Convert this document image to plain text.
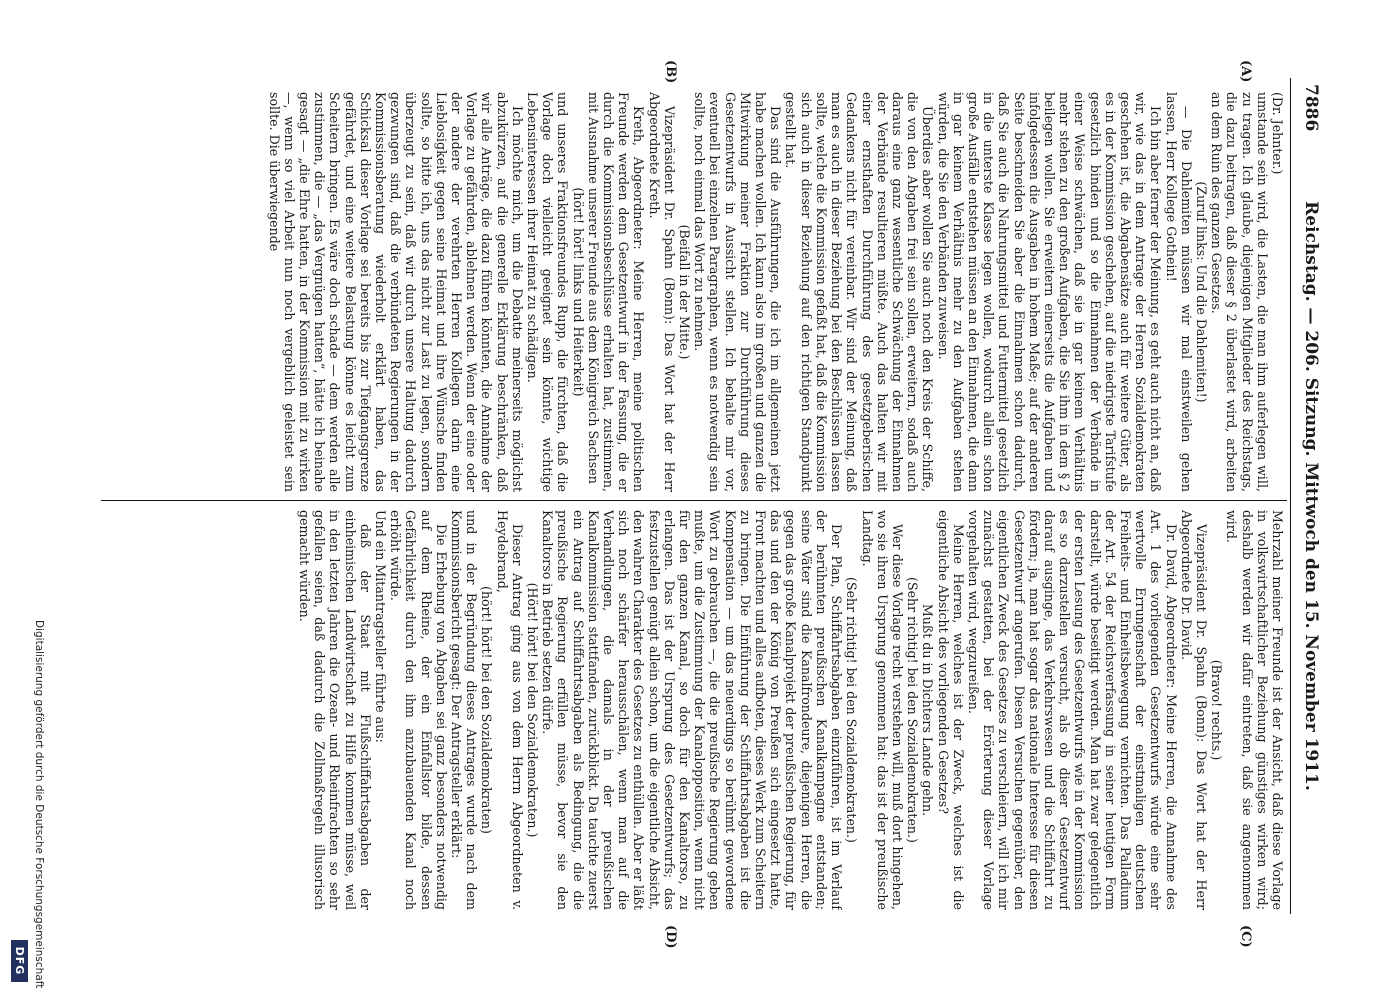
7886
Reichstag. — 206. Sitzung. Mittwoch den 15. November 1911.
(A)
(B)
(C)
(D)

(Dr. Jehnter.)

umstande sein wird, die Lasten, die man ihm auferlegen will, zu tragen. Ich glaube, diejenigen Mitglieder des Reichstags, die dazu beitragen, daß dieser § 2 überlastet wird, arbeiten an dem Ruin des ganzen Gesetzes.

(Zuruf links: Und die Dahlemiten!)

— Die Dahlemiten müssen wir mal einstweilen gehen lassen, Herr Kollege Gothein!

Ich bin aber ferner der Meinung, es geht auch nicht an, daß wir, wie das in dem Antrage der Herren Sozialdemokraten geschehen ist, die Abgabensätze auch für weitere Güter, als es in der Kommission geschehen, auf die niedrigste Tarifstufe gesetzlich binden und so die Einnahmen der Verbände in einer Weise schwächen, daß sie in gar keinem Verhältnis mehr stehen zu den großen Aufgaben, die Sie ihm in dem § 2 beilegen wollen. Sie erweitern einerseits die Aufgaben und infolgedessen die Ausgaben in hohem Maße; auf der anderen Seite beschneiden Sie aber die Einnahmen schon dadurch, daß Sie auch die Nahrungsmittel und Futtermittel gesetzlich in die unterste Klasse legen wollen, wodurch allein schon große Ausfälle entstehen müssen an den Einnahmen, die dann in gar keinem Verhältnis mehr zu den Aufgaben stehen würden, die Sie den Verbänden zuweisen.

Überdies aber wollen Sie auch noch den Kreis der Schiffe, die von den Abgaben frei sein sollen, erweitern, sodaß auch daraus eine ganz wesentliche Schwächung der Einnahmen der Verbände resultieren müßte. Auch das halten wir mit einer ernsthaften Durchführung des gesetzgeberischen Gedankens nicht für vereinbar. Wir sind der Meinung, daß man es auch in dieser Beziehung bei den Beschlüssen lassen sollte, welche die Kommission gefaßt hat, daß die Kommission sich auch in dieser Beziehung auf den richtigen Standpunkt gestellt hat.

Das sind die Ausführungen, die ich im allgemeinen jetzt habe machen wollen. Ich kann also im großen und ganzen die Mitwirkung meiner Fraktion zur Durchführung dieses Gesetzentwurfs in Aussicht stellen. Ich behalte mir vor, eventuell bei einzelnen Paragraphen, wenn es notwendig sein sollte, noch einmal das Wort zu nehmen.

(Beifall in der Mitte.)

Vizepräsident Dr. Spahn (Bonn): Das Wort hat der Herr Abgeordnete Kreth.

Kreth, Abgeordneter: Meine Herren, meine politischen Freunde werden dem Gesetzentwurf in der Fassung, die er durch die Kommissionsbeschlüsse erhalten hat, zustimmen, mit Ausnahme unserer Freunde aus dem Königreich Sachsen

(hört! hört! links und Heiterkeit)

und unseres Fraktionsfreundes Rupp, die fürchten, daß die Vorlage doch vielleicht geeignet sein könnte, wichtige Lebensinteressen ihrer Heimat zu schädigen.

Ich möchte mich, um die Debatte meinerseits möglichst abzukürzen, auf die generelle Erklärung beschränken, daß wir alle Anträge, die dazu führen könnten, die Annahme der Vorlage zu gefährden, ablehnen werden. Wenn der eine oder der andere der verehrten Herren Kollegen darin eine Lieblosigkeit gegen seine Heimat und ihre Wünsche finden sollte, so bitte ich, uns das nicht zur Last zu legen, sondern überzeugt zu sein, daß wir durch unsere Haltung dadurch gezwungen sind, daß die verbündeten Regierungen in der Kommissionsberatung wiederholt erklärt haben, das Schicksal dieser Vorlage sei bereits bis zur Tiefgangsgrenze gefährdet, und eine weitere Belastung könne es leicht zum Scheitern bringen. Es wäre doch schade — dem werden alle zustimmen, die — „das Vergnügen hatten“, hätte ich beinahe gesagt — „die Ehre hatten, in der Kommission mit zu wirken —, wenn so viel Arbeit nun noch vergeblich geleistet sein sollte. Die überwiegende

Mehrzahl meiner Freunde ist der Ansicht, daß diese Vorlage in volkswirtschaftlicher Beziehung günstiges wirken wird; deshalb werden wir dafür eintreten, daß sie angenommen wird.

(Bravo! rechts.)

Vizepräsident Dr. Spahn (Bonn): Das Wort hat der Herr Abgeordnete Dr. David.

Dr. David, Abgeordneter: Meine Herren, die Annahme des Art. 1 des vorliegenden Gesetzentwurfs würde eine sehr wertvolle Errungenschaft der einstmaligen deutschen Freiheits- und Einheitsbewegung vernichten. Das Palladium der Art. 54 der Reichsverfassung in seiner heutigen Form darstellt, würde beseitigt werden. Man hat zwar gelegentlich der ersten Lesung des Gesetzentwurfs wie in der Kommission es so darzustellen versucht, als ob dieser Gesetzentwurf darauf ausginge, das Verkehrswesen und die Schiffahrt zu fördern; ja, man hat sogar das nationale Interesse für diesen Gesetzentwurf angerufen. Diesen Versuchen gegenüber, den eigentlichen Zweck des Gesetzes zu verschleiern, will ich mir zunächst gestatten, bei der Erörterung dieser Vorlage vorgehalten wird, wegzureißen.

Meine Herren, welches ist der Zweck, welches ist die eigentliche Absicht des vorliegenden Gesetzes?

Mußt du in Dichters Lande gehn.

(Sehr richtig! bei den Sozialdemokraten.)

Wer diese Vorlage recht verstehen will, muß dort hingehen, wo sie ihren Ursprung genommen hat: das ist der preußische Landtag.

(Sehr richtig! bei den Sozialdemokraten.)

Der Plan, Schiffahrtsabgaben einzuführen, ist im Verlauf der berühmten preußischen Kanalkampagne entstanden; seine Väter sind die Kanalfrondeure, diejenigen Herren, die gegen das große Kanalprojekt der preußischen Regierung, für das und den der König von Preußen sich eingesetzt hatte, Front machten und alles aufboten, dieses Werk zum Scheitern zu bringen. Die Einführung der Schiffahrtsabgaben ist die Kompensation — um das neuerdings so berühmt gewordene Wort zu gebrauchen —, die die preußische Regierung geben mußte, um die Zustimmung der Kanalopposition, wenn nicht für den ganzen Kanal, so doch für den Kanaltorso, zu erlangen. Das ist der Ursprung des Gesetzentwurfs; das festzustellen genügt allein schon, um die eigentliche Absicht, den wahren Charakter des Gesetzes zu enthüllen. Aber er läßt sich noch schärfer herausschälen, wenn man auf die Verhandlungen, die damals in der preußischen Kanalkommission stattfanden, zurückblickt. Da tauchte zuerst ein Antrag auf Schiffahrtsabgaben als Bedingung, die die preußische Regierung erfüllen müsse, bevor sie den Kanaltorso in Betrieb setzen dürfe.

(Hört! hört! bei den Sozialdemokraten.)

Dieser Antrag ging aus von dem Herrn Abgeordneten v. Heydebrand,

(hört! hört! bei den Sozialdemokraten)

und in der Begründung dieses Antrages wurde nach dem Kommissionsbericht gesagt: Der Antragsteller erklärt:

Die Erhebung von Abgaben sei ganz besonders notwendig auf dem Rheine, der ein Einfallstor bilde, dessen Gefährlichkeit durch den ihm anzubauenden Kanal noch erhöht würde.

Und ein Mitantragsteller führte aus:

daß der Staat mit Flußschiffahrtsabgaben der einheimischen Landwirtschaft zu Hilfe kommen müsse, weil in den letzten Jahren die Ozean- und Rheinfrachten so sehr gefallen seien, daß dadurch die Zollmaßregeln illusorisch gemacht würden.

Digitalisierung gefördert durch die Deutsche Forschungsgemeinschaft
DFG
